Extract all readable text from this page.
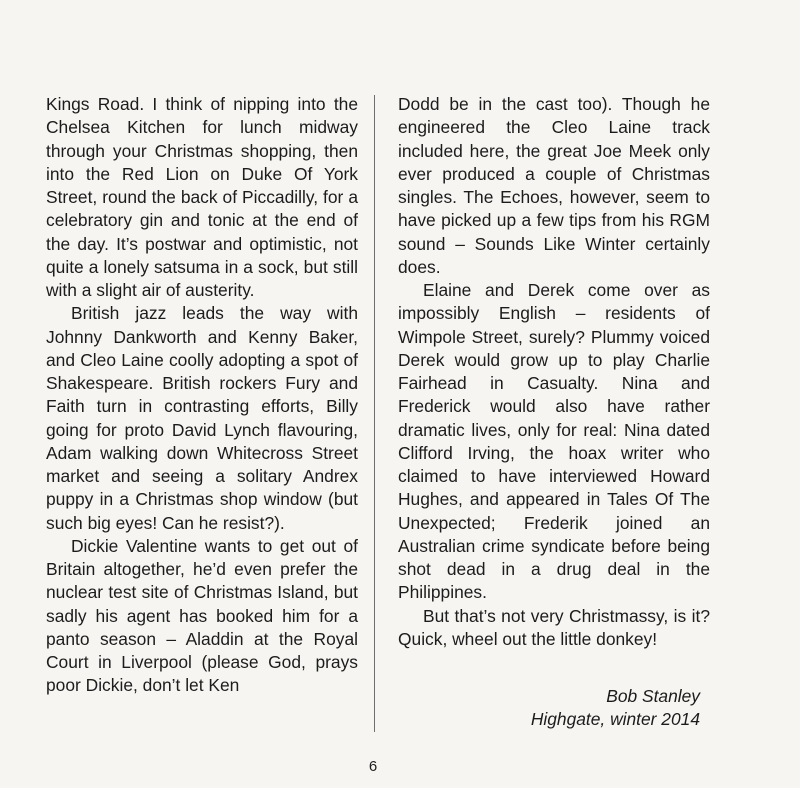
Kings Road. I think of nipping into the Chelsea Kitchen for lunch midway through your Christmas shopping, then into the Red Lion on Duke Of York Street, round the back of Piccadilly, for a celebratory gin and tonic at the end of the day. It’s postwar and optimistic, not quite a lonely satsuma in a sock, but still with a slight air of austerity.

British jazz leads the way with Johnny Dankworth and Kenny Baker, and Cleo Laine coolly adopting a spot of Shakespeare. British rockers Fury and Faith turn in contrasting efforts, Billy going for proto David Lynch flavouring, Adam walking down Whitecross Street market and seeing a solitary Andrex puppy in a Christmas shop window (but such big eyes! Can he resist?).

Dickie Valentine wants to get out of Britain altogether, he’d even prefer the nuclear test site of Christmas Island, but sadly his agent has booked him for a panto season – Aladdin at the Royal Court in Liverpool (please God, prays poor Dickie, don’t let Ken

Dodd be in the cast too). Though he engineered the Cleo Laine track included here, the great Joe Meek only ever produced a couple of Christmas singles. The Echoes, however, seem to have picked up a few tips from his RGM sound – Sounds Like Winter certainly does.

Elaine and Derek come over as impossibly English – residents of Wimpole Street, surely? Plummy voiced Derek would grow up to play Charlie Fairhead in Casualty. Nina and Frederick would also have rather dramatic lives, only for real: Nina dated Clifford Irving, the hoax writer who claimed to have interviewed Howard Hughes, and appeared in Tales Of The Unexpected; Frederik joined an Australian crime syndicate before being shot dead in a drug deal in the Philippines.

But that’s not very Christmassy, is it? Quick, wheel out the little donkey!

Bob Stanley
Highgate, winter 2014
6
